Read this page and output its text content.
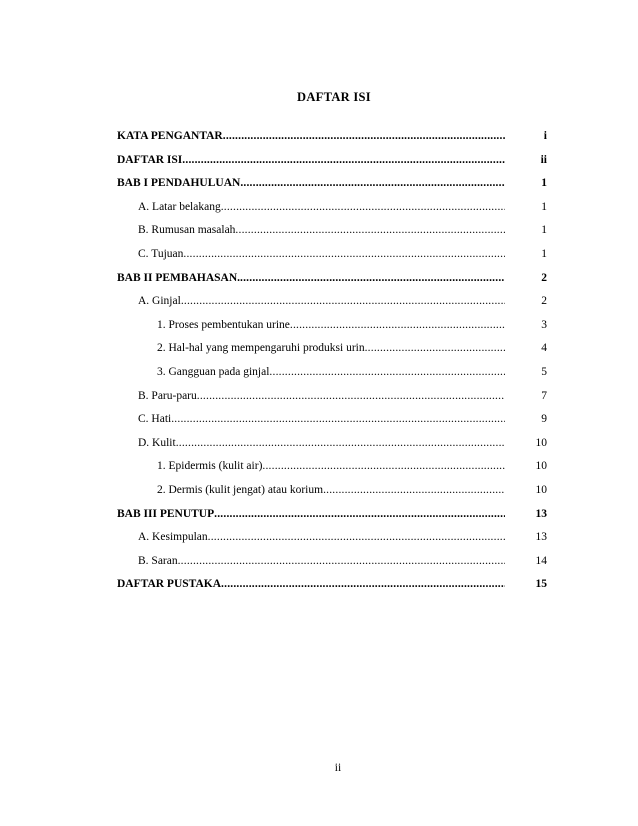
DAFTAR ISI
KATA PENGANTAR .....	i
DAFTAR ISI .....	ii
BAB I PENDAHULUAN .....	1
A. Latar belakang .....	1
B. Rumusan masalah .....	1
C. Tujuan .....	1
BAB II PEMBAHASAN. .....	2
A. Ginjal .....	2
1. Proses pembentukan urine .....	3
2. Hal-hal yang mempengaruhi produksi urin .....	4
3. Gangguan pada ginjal .....	5
B. Paru-paru .....	7
C. Hati .....	9
D. Kulit .....	10
1. Epidermis (kulit air) .....	10
2. Dermis (kulit jengat) atau korium .....	10
BAB III PENUTUP .....	13
A. Kesimpulan .....	13
B. Saran .....	14
DAFTAR PUSTAKA .....	15
ii
